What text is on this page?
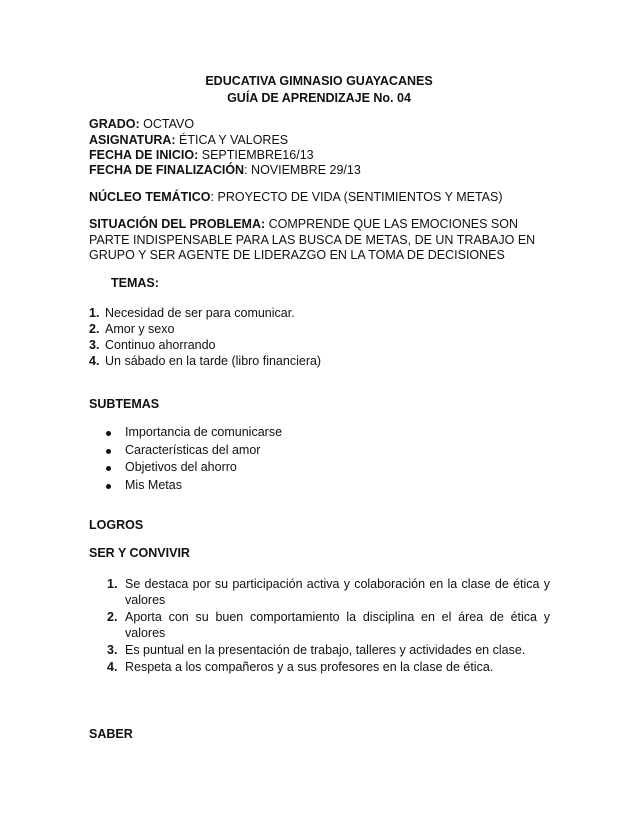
EDUCATIVA GIMNASIO GUAYACANES
GUÍA DE APRENDIZAJE No. 04
GRADO: OCTAVO
ASIGNATURA: ÉTICA Y VALORES
FECHA DE INICIO: SEPTIEMBRE16/13
FECHA DE FINALIZACIÓN: NOVIEMBRE 29/13
NÚCLEO TEMÁTICO: PROYECTO DE VIDA (SENTIMIENTOS Y METAS)
SITUACIÓN DEL PROBLEMA: COMPRENDE QUE LAS EMOCIONES SON
PARTE INDISPENSABLE PARA LAS BUSCA DE METAS, DE UN TRABAJO EN
GRUPO Y SER AGENTE DE LIDERAZGO EN LA TOMA DE DECISIONES
TEMAS:
1. Necesidad de ser para comunicar.
2. Amor y sexo
3. Continuo ahorrando
4. Un sábado en la tarde (libro financiera)
SUBTEMAS
Importancia de comunicarse
Características del amor
Objetivos del ahorro
Mis Metas
LOGROS
SER Y CONVIVIR
1. Se destaca por su participación activa y colaboración en la clase de ética y
valores
2. Aporta con su buen comportamiento la disciplina en el área de ética y
valores
3. Es puntual en la presentación de trabajo, talleres y actividades en clase.
4. Respeta a los compañeros y a sus profesores en la clase de ética.
SABER
